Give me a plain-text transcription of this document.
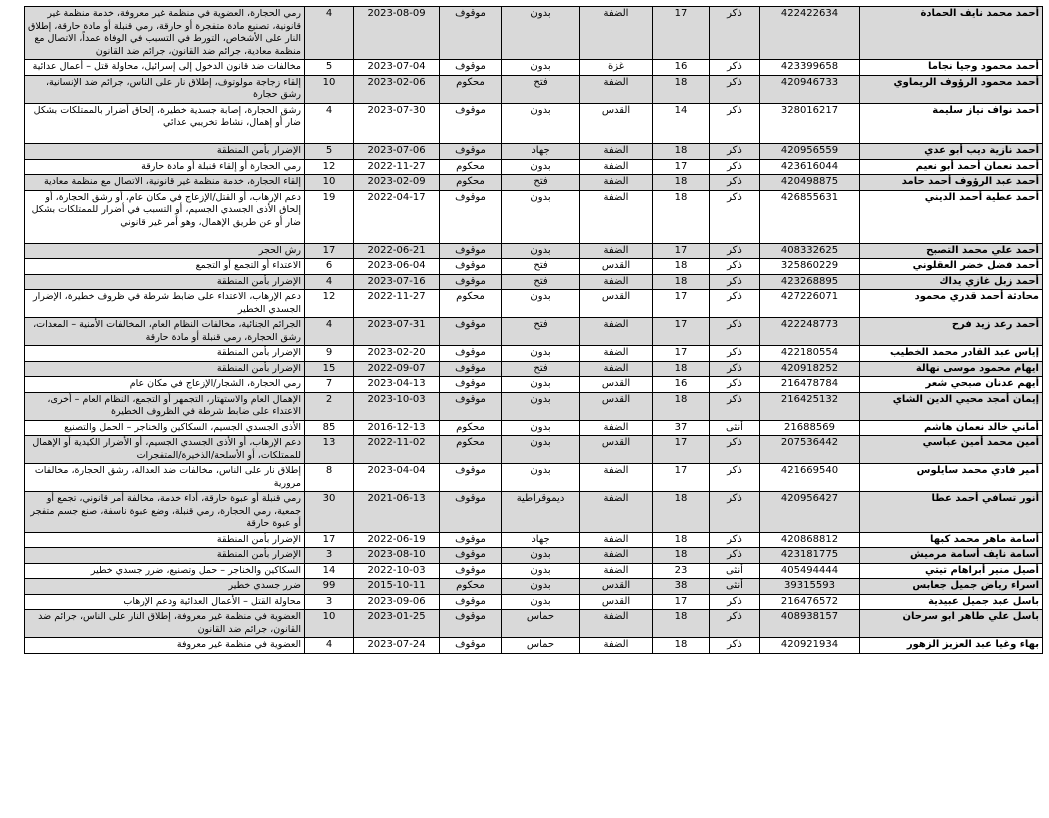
أحمد محمد نايف الحمادة	422422634	ذكر	17	الضفة	بدون	موقوف	2023-08-09	4	رمي الحجارة، العضوية في منظمة غير معروفة، خدمة منظمة غير قانونية، تصنيع مادة متفجرة أو حارقة، رمي قنبلة أو مادة حارقة، إطلاق النار على الأشخاص، التورط في التسبب في الوفاة عمداً، الاتصال مع منظمة معادية، جرائم ضد القانون، جرائم ضد القانون
أحمد محمود وجيا نجاما	423399658	ذكر	16	غزة	بدون	موقوف	2023-07-04	5	مخالفات ضد قانون الدخول إلى إسرائيل، محاولة قتل – أعمال عدائية
أحمد محمود الرؤوف الريماوي	420946733	ذكر	18	الضفة	فتح	محكوم	2023-02-06	10	إلقاء زجاجة مولوتوف، إطلاق نار على الناس، جرائم ضد الإنسانية، رشق حجارة
أحمد نواف نياز سليمة	328016217	ذكر	14	القدس	بدون	موقوف	2023-07-30	4	رشق الحجارة، إصابة جسدية خطيرة، إلحاق أضرار بالممتلكات بشكل ضار أو إهمال، نشاط تخريبي عدائي
أحمد نازية ديب أبو عدي	420956559	ذكر	18	الضفة	جهاد	موقوف	2023-07-06	5	الإضرار بأمن المنطقة
أحمد نعمان أحمد أبو نعيم	423616044	ذكر	17	الضفة	بدون	محكوم	2022-11-27	12	رمي الحجارة أو إلقاء قنبلة أو مادة حارقة
أحمد عبد الرؤوف أحمد حامد	420498875	ذكر	18	الضفة	فتح	محكوم	2023-02-09	10	إلقاء الحجارة، خدمة منظمة غير قانونية، الاتصال مع منظمة معادية
أحمد عطية أحمد الديني	426855631	ذكر	18	الضفة	بدون	موقوف	2022-04-17	19	دعم الإرهاب، أو القتل/الإزعاج في مكان عام، أو رشق الحجارة، أو إلحاق الأذى الجسدي الجسيم، أو التسبب في أضرار للممتلكات بشكل ضار أو عن طريق الإهمال، وهو أمر غير قانوني
أحمد علي محمد التصبح	408332625	ذكر	17	الضفة	بدون	موقوف	2022-06-21	17	رش الحجر
أحمد فضل خضر العقلوني	325860229	ذكر	18	القدس	فتح	موقوف	2023-06-04	6	الاعتداء أو التجمع أو التجمع
أحمد زبل غازي يداك	423268895	ذكر	18	الضفة	فتح	موقوف	2023-07-16	4	الإضرار بأمن المنطقة
محادثة أحمد قدري محمود	427226071	ذكر	17	القدس	بدون	محكوم	2022-11-27	12	دعم الإرهاب، الاعتداء على ضابط شرطة في ظروف خطيرة، الإضرار الجسدي الخطير
أحمد رعد زيد فرح	422248773	ذكر	17	الضفة	فتح	موقوف	2023-07-31	4	الجرائم الجنائية، مخالفات النظام العام، المخالفات الأمنية – المعدات، رشق الحجارة، رمي قنبلة أو مادة حارقة
إياس عبد القادر محمد الخطيب	422180554	ذكر	17	الضفة	بدون	موقوف	2023-02-20	9	الإضرار بأمن المنطقة
ايهام محمود موسى نهالة	420918252	ذكر	18	الضفة	فتح	موقوف	2022-09-07	15	الإضرار بأمن المنطقة
أيهم عدنان صبحي شعر	216478784	ذكر	16	القدس	بدون	موقوف	2023-04-13	7	رمي الحجارة، الشجار/الإزعاج في مكان عام
إيمان أمجد محيي الدين الشاي	216425132	ذكر	18	القدس	بدون	موقوف	2023-10-03	2	الإهمال العام والاستهتار، التجمهر أو التجمع، النظام العام – أخرى، الاعتداء على ضابط شرطة في الظروف الخطيرة
أماني خالد نعمان هاشم	21688569	أنثى	37	الضفة	بدون	محكوم	2016-12-13	85	الأذى الجسدي الجسيم، السكاكين والخناجر – الحمل والتصنيع
أمين محمد أمين عباسي	207536442	ذكر	17	القدس	بدون	محكوم	2022-11-02	13	دعم الإرهاب، أو الأذى الجسدي الجسيم، أو الأضرار الكيدية أو الإهمال للممتلكات، أو الأسلحة/الذخيرة/المتفجرات
أمير فادي محمد سايلوس	421669540	ذكر	17	الضفة	بدون	موقوف	2023-04-04	8	إطلاق نار على الناس، مخالفات ضد العدالة، رشق الحجارة، مخالفات مرورية
أنور تسافي أحمد عطا	420956427	ذكر	18	الضفة	ديموقراطية	موقوف	2021-06-13	30	رمي قنبلة أو عبوة حارقة، أداء خدمة، مخالفة أمر قانوني، تجمع أو جمعية، رمي الحجارة، رمي قنبلة، وضع عبوة ناسفة، صنع جسم متفجر أو عبوة حارقة
أسامة ماهر محمد كبها	420868812	ذكر	18	الضفة	جهاد	موقوف	2022-06-19	17	الإضرار بأمن المنطقة
أسامة نايف أسامة مرميش	423181775	ذكر	18	الضفة	بدون	موقوف	2023-08-10	3	الإضرار بأمن المنطقة
أصيل منير أبراهام تيتي	405494444	أنثى	23	الضفة	بدون	موقوف	2022-10-03	14	السكاكين والخناجر – حمل وتصنيع، ضرر جسدي خطير
اسراء رياض جميل جعابس	39315593	أنثى	38	القدس	بدون	محكوم	2015-10-11	99	ضرر جسدي خطير
باسل عبد جميل عبيدية	216476572	ذكر	17	القدس	بدون	موقوف	2023-09-06	3	محاولة القتل – الأعمال العدائية ودعم الإرهاب
باسل علي طاهر ابو سرحان	408938157	ذكر	18	الضفة	حماس	موقوف	2023-01-25	10	العضوية في منظمة غير معروفة، إطلاق النار على الناس، جرائم ضد القانون، جرائم ضد القانون
بهاء وغيا عبد العزيز الزهور	420921934	ذكر	18	الضفة	حماس	موقوف	2023-07-24	4	العضوية في منظمة غير معروفة
